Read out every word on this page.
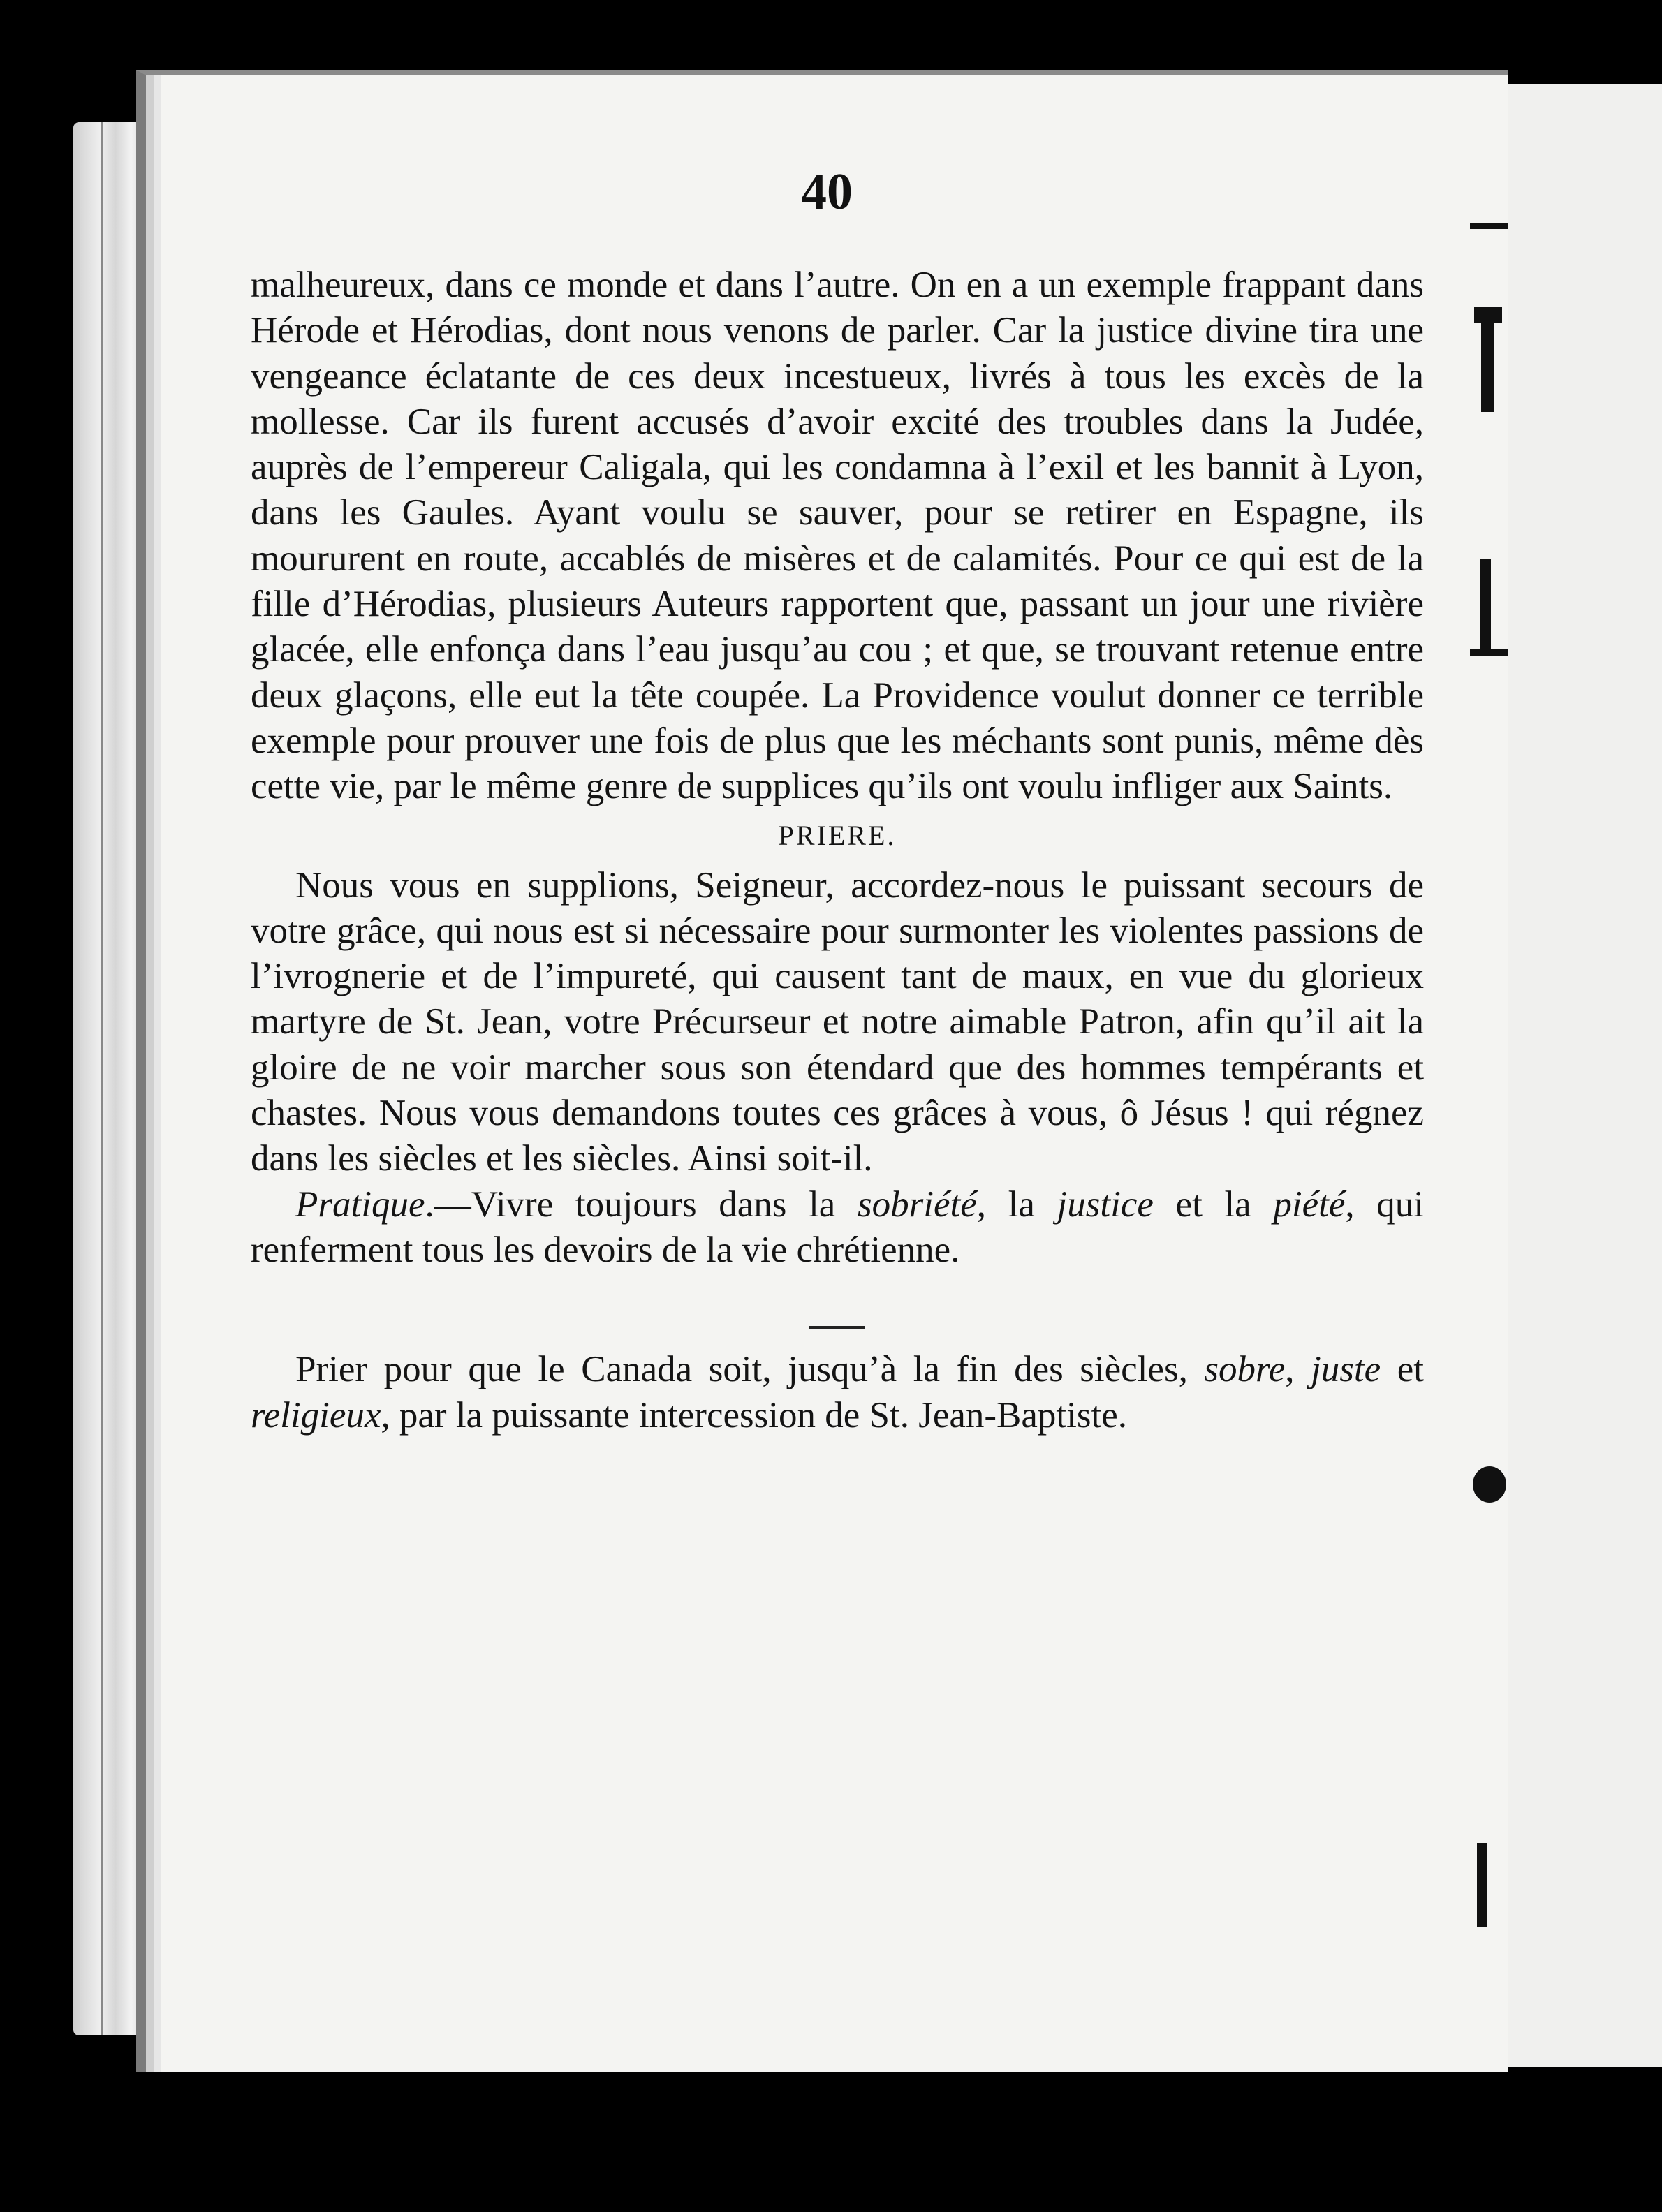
40

malheureux, dans ce monde et dans l’autre. On en a un exemple frappant dans Hérode et Hérodias, dont nous venons de parler. Car la justice divine tira une vengeance éclatante de ces deux incestueux, livrés à tous les excès de la mollesse. Car ils furent accusés d’avoir excité des troubles dans la Judée, auprès de l’empereur Caligala, qui les condamna à l’exil et les bannit à Lyon, dans les Gaules. Ayant voulu se sauver, pour se retirer en Espagne, ils moururent en route, accablés de misères et de calamités. Pour ce qui est de la fille d’Hérodias, plusieurs Auteurs rapportent que, passant un jour une rivière glacée, elle enfonça dans l’eau jusqu’au cou ; et que, se trouvant retenue entre deux glaçons, elle eut la tête coupée. La Providence voulut donner ce terrible exemple pour prouver une fois de plus que les méchants sont punis, même dès cette vie, par le même genre de supplices qu’ils ont voulu infliger aux Saints.

PRIERE.

Nous vous en supplions, Seigneur, accordez-nous le puissant secours de votre grâce, qui nous est si nécessaire pour surmonter les violentes passions de l’ivrognerie et de l’impureté, qui causent tant de maux, en vue du glorieux martyre de St. Jean, votre Précurseur et notre aimable Patron, afin qu’il ait la gloire de ne voir marcher sous son étendard que des hommes tempérants et chastes. Nous vous demandons toutes ces grâces à vous, ô Jésus ! qui régnez dans les siècles et les siècles. Ainsi soit-il.

Pratique.—Vivre toujours dans la sobriété, la justice et la piété, qui renferment tous les devoirs de la vie chrétienne.

Prier pour que le Canada soit, jusqu’à la fin des siècles, sobre, juste et religieux, par la puissante intercession de St. Jean-Baptiste.
